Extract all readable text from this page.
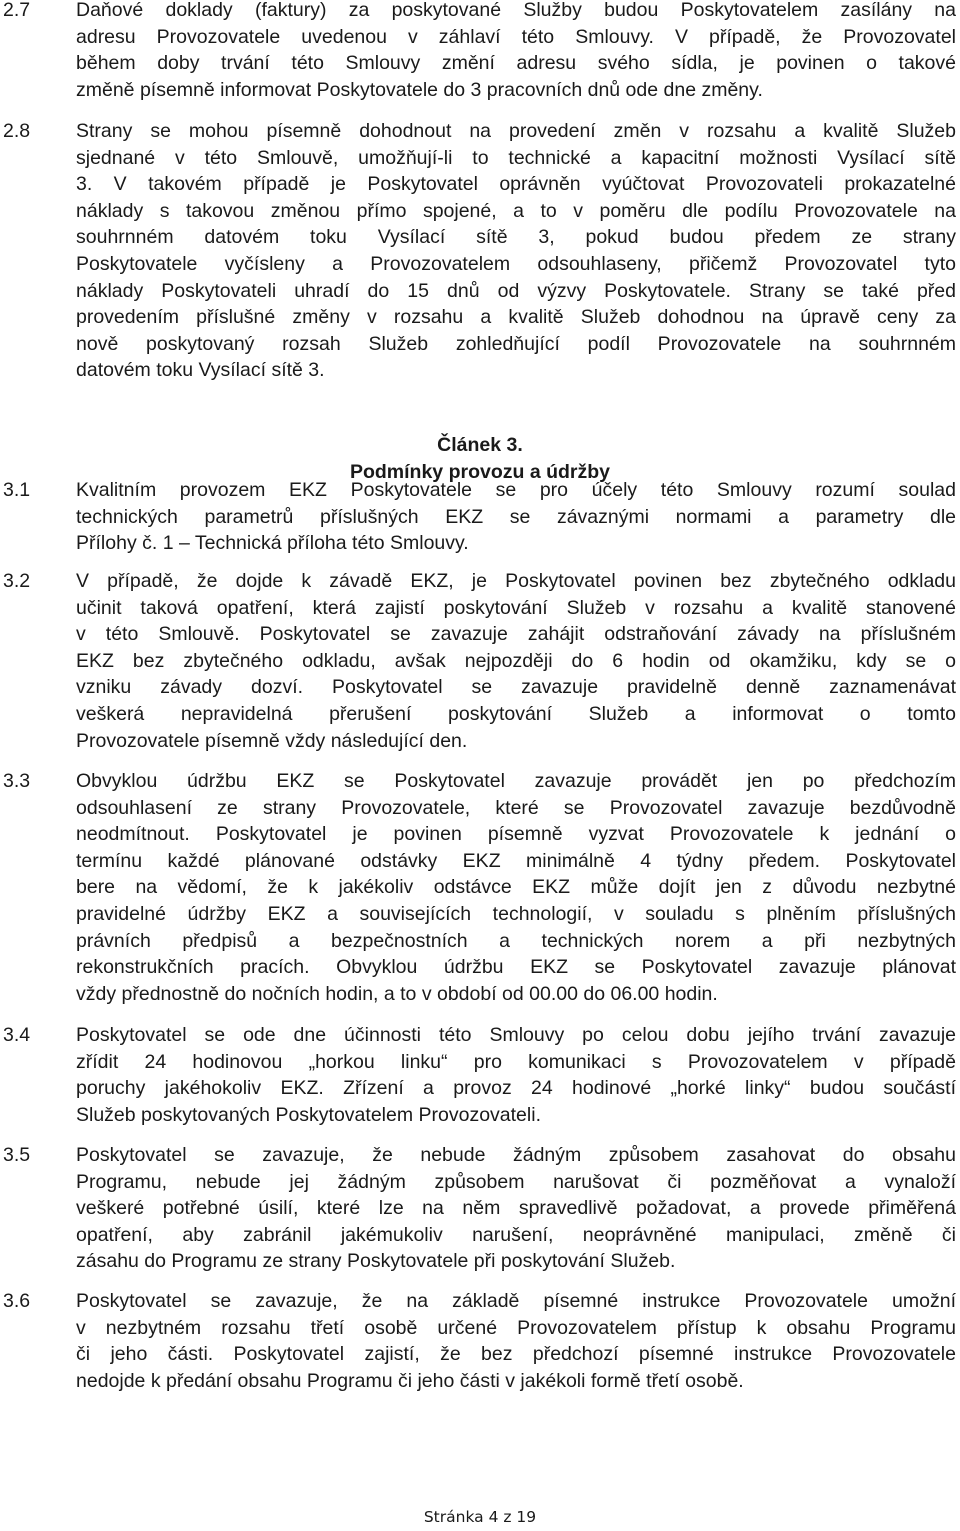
2.7 Daňové doklady (faktury) za poskytované Služby budou Poskytovatelem zasílány na
adresu Provozovatele uvedenou v záhlaví této Smlouvy. V případě, že Provozovatel
během doby trvání této Smlouvy změní adresu svého sídla, je povinen o takové
změně písemně informovat Poskytovatele do 3 pracovních dnů ode dne změny.
2.8 Strany se mohou písemně dohodnout na provedení změn v rozsahu a kvalitě Služeb
sjednané v této Smlouvě, umožňují-li to technické a kapacitní možnosti Vysílací sítě
3. V takovém případě je Poskytovatel oprávněn vyúčtovat Provozovateli prokazatelné
náklady s takovou změnou přímo spojené, a to v poměru dle podílu Provozovatele na
souhrnném datovém toku Vysílací sítě 3, pokud budou předem ze strany
Poskytovatele vyčísleny a Provozovatelem odsouhlaseny, přičemž Provozovatel tyto
náklady Poskytovateli uhradí do 15 dnů od výzvy Poskytovatele. Strany se také před
provedením příslušné změny v rozsahu a kvalitě Služeb dohodnou na úpravě ceny za
nově poskytovaný rozsah Služeb zohledňující podíl Provozovatele na souhrnném
datovém toku Vysílací sítě 3.
Článek 3.
Podmínky provozu a údržby
3.1 Kvalitním provozem EKZ Poskytovatele se pro účely této Smlouvy rozumí soulad
technických parametrů příslušných EKZ se závaznými normami a parametry dle
Přílohy č. 1 – Technická příloha této Smlouvy.
3.2 V případě, že dojde k závadě EKZ, je Poskytovatel povinen bez zbytečného odkladu
učinit taková opatření, která zajistí poskytování Služeb v rozsahu a kvalitě stanovené
v této Smlouvě. Poskytovatel se zavazuje zahájit odstraňování závady na příslušném
EKZ bez zbytečného odkladu, avšak nejpozději do 6 hodin od okamžiku, kdy se o
vzniku závady dozví. Poskytovatel se zavazuje pravidelně denně zaznamenávat
veškerá nepravidelná přerušení poskytování Služeb a informovat o tomto
Provozovatele písemně vždy následující den.
3.3 Obvyklou údržbu EKZ se Poskytovatel zavazuje provádět jen po předchozím
odsouhlasení ze strany Provozovatele, které se Provozovatel zavazuje bezdůvodně
neodmítnout. Poskytovatel je povinen písemně vyzvat Provozovatele k jednání o
termínu každé plánované odstávky EKZ minimálně 4 týdny předem. Poskytovatel
bere na vědomí, že k jakékoliv odstávce EKZ může dojít jen z důvodu nezbytné
pravidelné údržby EKZ a souvisejících technologií, v souladu s plněním příslušných
právních předpisů a bezpečnostních a technických norem a při nezbytných
rekonstrukčních pracích. Obvyklou údržbu EKZ se Poskytovatel zavazuje plánovat
vždy přednostně do nočních hodin, a to v období od 00.00 do 06.00 hodin.
3.4 Poskytovatel se ode dne účinnosti této Smlouvy po celou dobu jejího trvání zavazuje
zřídit 24 hodinovou „horkou linku“ pro komunikaci s Provozovatelem v případě
poruchy jakéhokoliv EKZ. Zřízení a provoz 24 hodinové „horké linky“ budou součástí
Služeb poskytovaných Poskytovatelem Provozovateli.
3.5 Poskytovatel se zavazuje, že nebude žádným způsobem zasahovat do obsahu
Programu, nebude jej žádným způsobem narušovat či pozměňovat a vynaloží
veškeré potřebné úsilí, které lze na něm spravedlivě požadovat, a provede přiměřená
opatření, aby zabránil jakémukoliv narušení, neoprávněné manipulaci, změně či
zásahu do Programu ze strany Poskytovatele při poskytování Služeb.
3.6 Poskytovatel se zavazuje, že na základě písemné instrukce Provozovatele umožní
v nezbytném rozsahu třetí osobě určené Provozovatelem přístup k obsahu Programu
či jeho části. Poskytovatel zajistí, že bez předchozí písemné instrukce Provozovatele
nedojde k předání obsahu Programu či jeho části v jakékoli formě třetí osobě.
Stránka 4 z 19
